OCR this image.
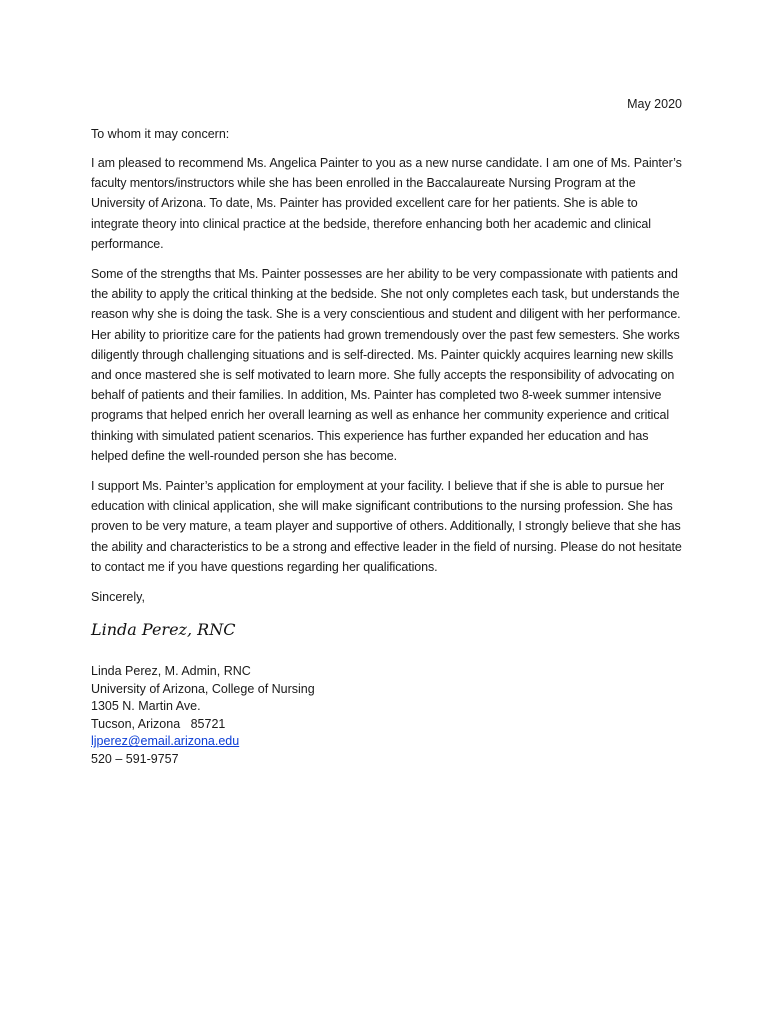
May 2020
To whom it may concern:

I am pleased to recommend Ms. Angelica Painter to you as a new nurse candidate. I am one of Ms. Painter’s faculty mentors/instructors while she has been enrolled in the Baccalaureate Nursing Program at the University of Arizona. To date, Ms. Painter has provided excellent care for her patients. She is able to integrate theory into clinical practice at the bedside, therefore enhancing both her academic and clinical performance.

Some of the strengths that Ms. Painter possesses are her ability to be very compassionate with patients and the ability to apply the critical thinking at the bedside. She not only completes each task, but understands the reason why she is doing the task. She is a very conscientious and student and diligent with her performance. Her ability to prioritize care for the patients had grown tremendously over the past few semesters. She works diligently through challenging situations and is self-directed. Ms. Painter quickly acquires learning new skills and once mastered she is self motivated to learn more. She fully accepts the responsibility of advocating on behalf of patients and their families. In addition, Ms. Painter has completed two 8-week summer intensive programs that helped enrich her overall learning as well as enhance her community experience and critical thinking with simulated patient scenarios. This experience has further expanded her education and has helped define the well-rounded person she has become.

I support Ms. Painter’s application for employment at your facility. I believe that if she is able to pursue her education with clinical application, she will make significant contributions to the nursing profession. She has proven to be very mature, a team player and supportive of others. Additionally, I strongly believe that she has the ability and characteristics to be a strong and effective leader in the field of nursing. Please do not hesitate to contact me if you have questions regarding her qualifications.

Sincerely,
Linda Perez, RNC
Linda Perez, M. Admin, RNC
University of Arizona, College of Nursing
1305 N. Martin Ave.
Tucson, Arizona   85721
ljperez@email.arizona.edu
520 – 591-9757
